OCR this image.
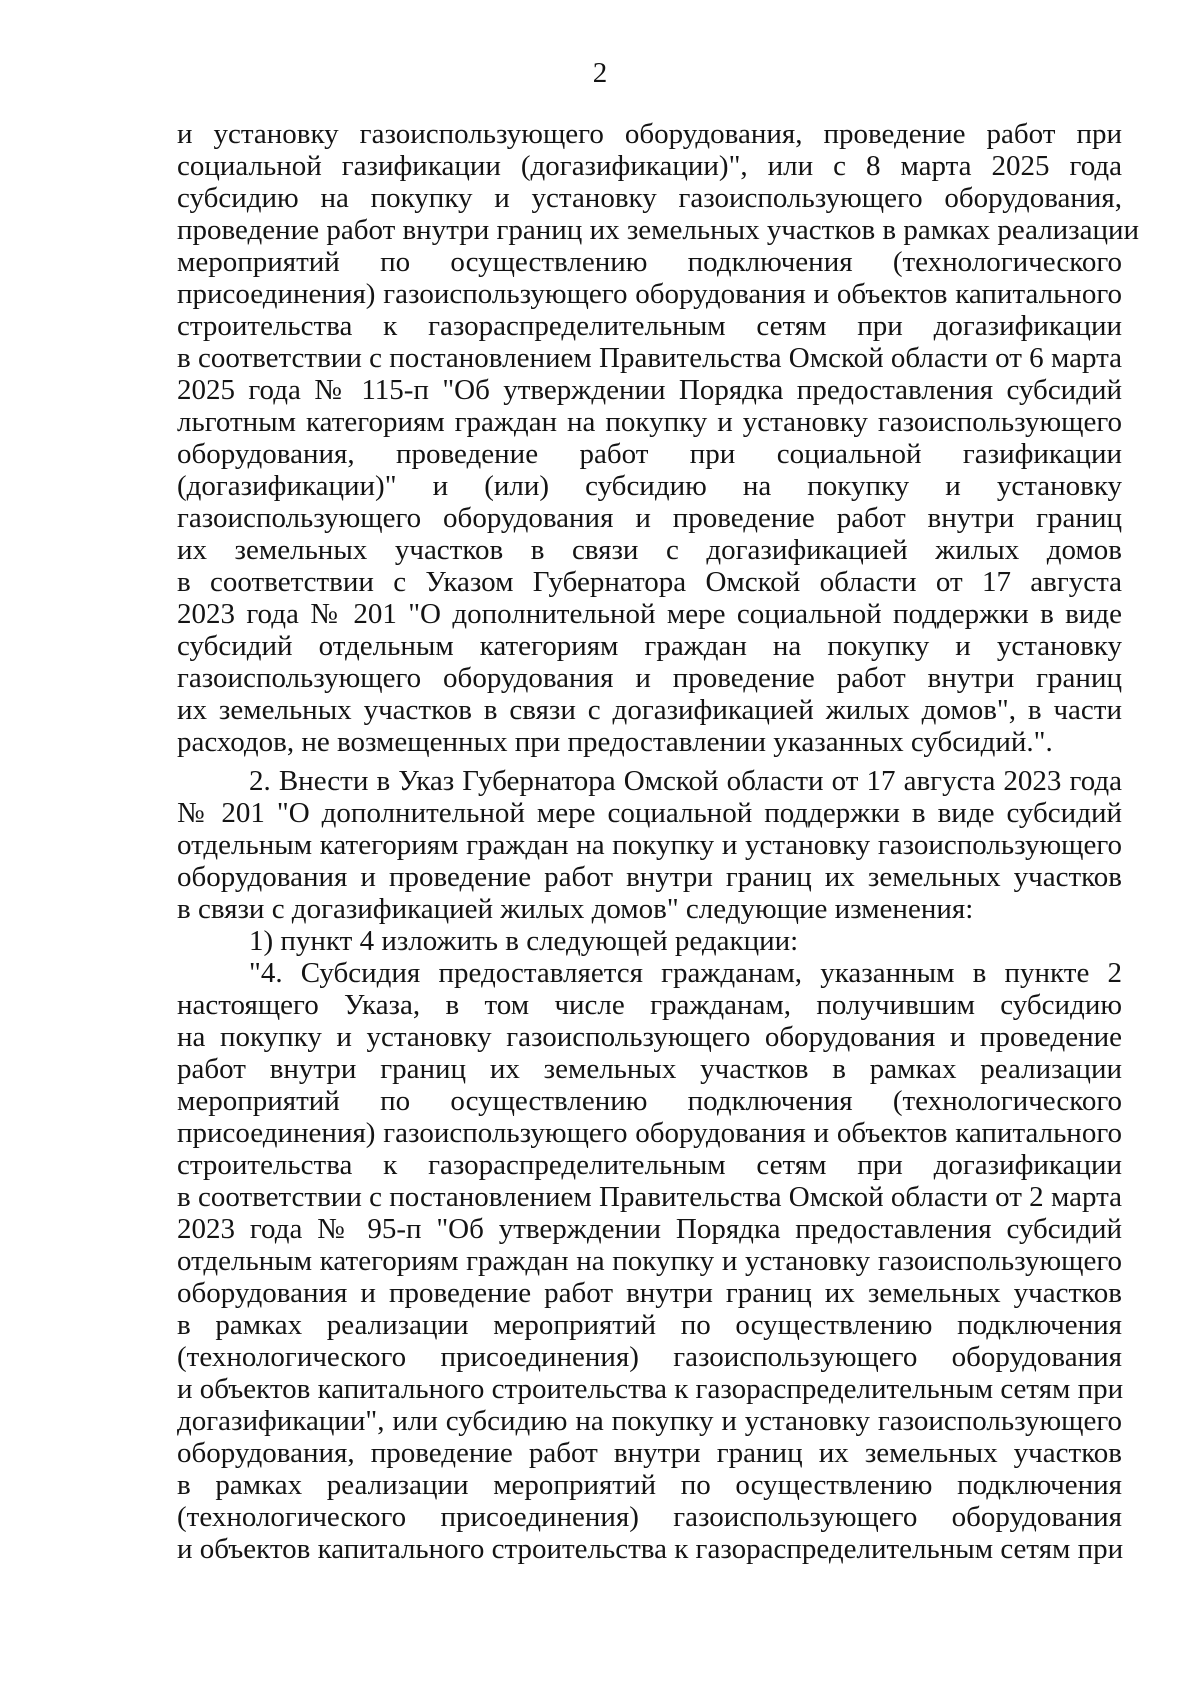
2
и установку газоиспользующего оборудования, проведение работ при
социальной газификации (догазификации)", или с 8 марта 2025 года
субсидию на покупку и установку газоиспользующего оборудования,
проведение работ внутри границ их земельных участков в рамках реализации
мероприятий по осуществлению подключения (технологического
присоединения) газоиспользующего оборудования и объектов капитального
строительства к газораспределительным сетям при догазификации
в соответствии с постановлением Правительства Омской области от 6 марта
2025 года № 115-п "Об утверждении Порядка предоставления субсидий
льготным категориям граждан на покупку и установку газоиспользующего
оборудования, проведение работ при социальной газификации
(догазификации)" и (или) субсидию на покупку и установку
газоиспользующего оборудования и проведение работ внутри границ
их земельных участков в связи с догазификацией жилых домов
в соответствии с Указом Губернатора Омской области от 17 августа
2023 года № 201 "О дополнительной мере социальной поддержки в виде
субсидий отдельным категориям граждан на покупку и установку
газоиспользующего оборудования и проведение работ внутри границ
их земельных участков в связи с догазификацией жилых домов", в части
расходов, не возмещенных при предоставлении указанных субсидий.".
2. Внести в Указ Губернатора Омской области от 17 августа 2023 года
№ 201 "О дополнительной мере социальной поддержки в виде субсидий
отдельным категориям граждан на покупку и установку газоиспользующего
оборудования и проведение работ внутри границ их земельных участков
в связи с догазификацией жилых домов" следующие изменения:
1) пункт 4 изложить в следующей редакции:
"4. Субсидия предоставляется гражданам, указанным в пункте 2
настоящего Указа, в том числе гражданам, получившим субсидию
на покупку и установку газоиспользующего оборудования и проведение
работ внутри границ их земельных участков в рамках реализации
мероприятий по осуществлению подключения (технологического
присоединения) газоиспользующего оборудования и объектов капитального
строительства к газораспределительным сетям при догазификации
в соответствии с постановлением Правительства Омской области от 2 марта
2023 года № 95-п "Об утверждении Порядка предоставления субсидий
отдельным категориям граждан на покупку и установку газоиспользующего
оборудования и проведение работ внутри границ их земельных участков
в рамках реализации мероприятий по осуществлению подключения
(технологического присоединения) газоиспользующего оборудования
и объектов капитального строительства к газораспределительным сетям при
догазификации", или субсидию на покупку и установку газоиспользующего
оборудования, проведение работ внутри границ их земельных участков
в рамках реализации мероприятий по осуществлению подключения
(технологического присоединения) газоиспользующего оборудования
и объектов капитального строительства к газораспределительным сетям при
